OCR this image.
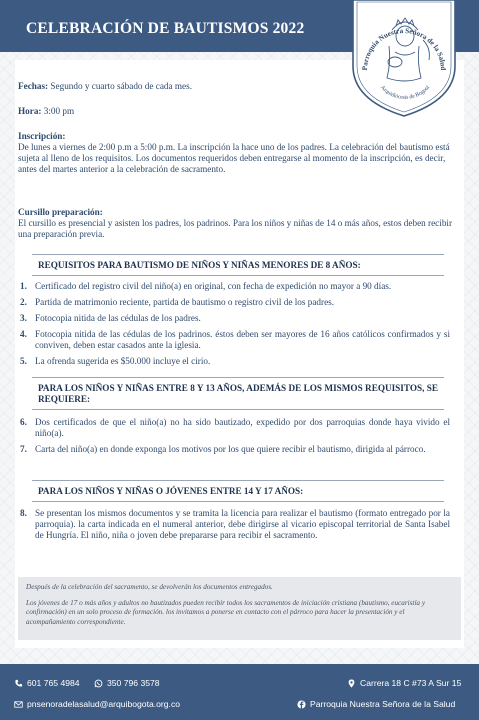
CELEBRACIÓN DE BAUTISMOS 2022
Parroquia Nuestra Señora de la Salud
Arquidiócesis de Bogotá
Fechas: Segundo y cuarto sábado de cada mes.
Hora: 3:00 pm
Inscripción:
De lunes a viernes de 2:00 p.m a 5:00 p.m. La inscripción la hace uno de los padres. La celebración del bautismo está sujeta al lleno de los requisitos. Los documentos requeridos deben entregarse al momento de la inscripción, es decir, antes del martes anterior a la celebración de sacramento.
Cursillo preparación:
El cursillo es presencial y asisten los padres, los padrinos. Para los niños y niñas de 14 o más años, estos deben recibir una preparación previa.
REQUISITOS PARA BAUTISMO DE NIÑOS Y NIÑAS MENORES DE 8 AÑOS:
1. Certificado del registro civil del niño(a) en original, con fecha de expedición no mayor a 90 días.
2. Partida de matrimonio reciente, partida de bautismo o registro civil de los padres.
3. Fotocopia nitida de las cédulas de los padres.
4. Fotocopia nitida de las cédulas de los padrinos. éstos deben ser mayores de 16 años católicos confirmados y si conviven, deben estar casados ante la iglesia.
5. La ofrenda sugerida es $50.000 incluye el cirio.
PARA LOS NIÑOS Y NIÑAS ENTRE 8 Y 13 AÑOS, ADEMÁS DE LOS MISMOS REQUISITOS, SE REQUIERE:
6. Dos certificados de que el niño(a) no ha sido bautizado, expedido por dos parroquias donde haya vivido el niño(a).
7. Carta del niño(a) en donde exponga los motivos por los que quiere recibir el bautismo, dirigida al párroco.
PARA LOS NIÑOS Y NIÑAS O JÓVENES ENTRE 14 Y 17 AÑOS:
8. Se presentan los mismos documentos y se tramita la licencia para realizar el bautismo (formato entregado por la parroquia). la carta indicada en el numeral anterior, debe dirigirse al vicario episcopal territorial de Santa Isabel de Hungría. El niño, niña o joven debe prepararse para recibir el sacramento.

Después de la celebración del sacramento, se devolverán los documentos entregados.

Los jóvenes de 17 o más años y adultos no bautizados pueden recibir todos los sacramentos de iniciación cristiana (bautismo, eucaristía y confirmación) en un solo proceso de formación. los invitamos a ponerse en contacto con el párroco para hacer la presentación y el acompañamiento correspondiente.

601 765 4984	350 796 3578
pnsenoradelasalud@arquibogota.org.co
Carrera 18 C #73 A Sur 15
Parroquia Nuestra Señora de la Salud
